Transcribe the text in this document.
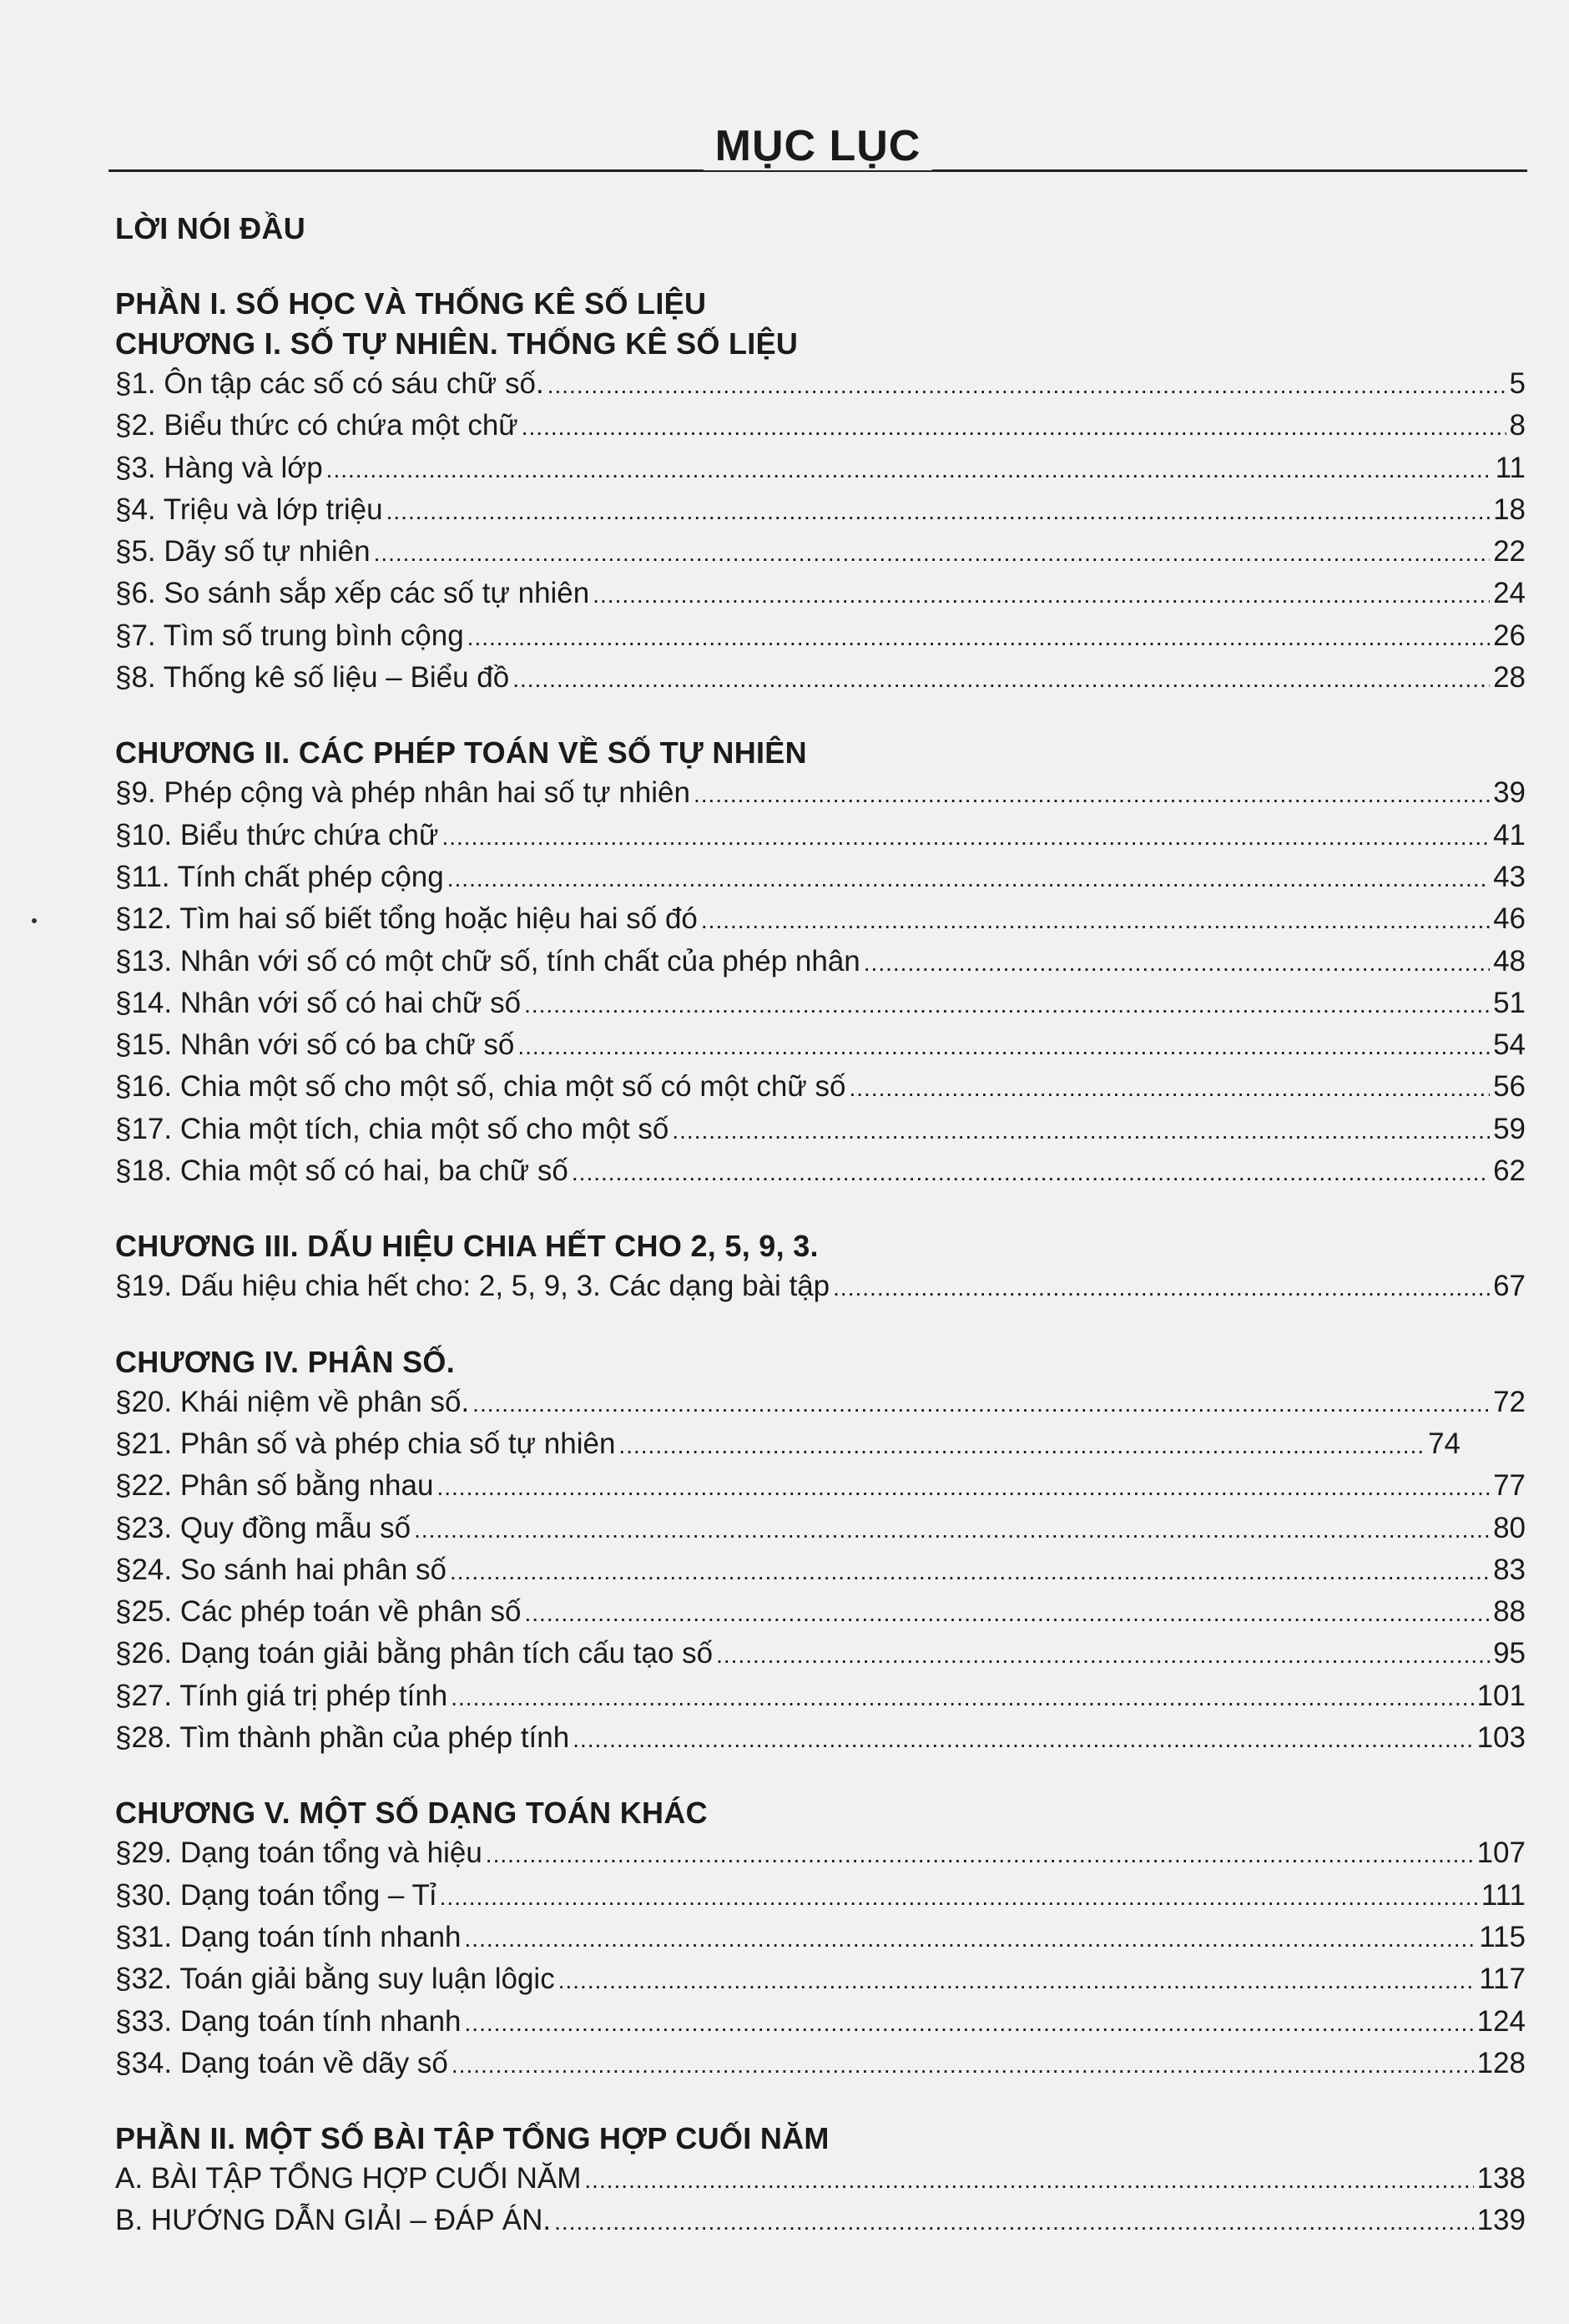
MỤC LỤC
LỜI NÓI ĐẦU
PHẦN I. SỐ HỌC VÀ THỐNG KÊ SỐ LIỆU
CHƯƠNG I. SỐ TỰ NHIÊN. THỐNG KÊ SỐ LIỆU
§1. Ôn tập các số có sáu chữ số. .....	5
§2. Biểu thức có chứa một chữ .....	8
§3. Hàng và lớp .....	11
§4. Triệu và lớp triệu .....	18
§5. Dãy số tự nhiên .....	22
§6. So sánh sắp xếp các số tự nhiên .....	24
§7. Tìm số trung bình cộng .....	26
§8. Thống kê số liệu – Biểu đồ .....	28
CHƯƠNG II. CÁC PHÉP TOÁN VỀ SỐ TỰ NHIÊN
§9. Phép cộng và phép nhân hai số tự nhiên .....	39
§10. Biểu thức chứa chữ .....	41
§11. Tính chất phép cộng .....	43
§12. Tìm hai số biết tổng hoặc hiệu hai số đó .....	46
§13. Nhân với số có một chữ số, tính chất của phép nhân .....	48
§14. Nhân với số có hai chữ số .....	51
§15. Nhân với số có ba chữ số .....	54
§16. Chia một số cho một số, chia một số có một chữ số .....	56
§17. Chia một tích, chia một số cho một số .....	59
§18. Chia một số có hai, ba chữ số .....	62
CHƯƠNG III. DẤU HIỆU CHIA HẾT CHO 2, 5, 9, 3.
§19. Dấu hiệu chia hết cho: 2, 5, 9, 3. Các dạng bài tập .....	67
CHƯƠNG IV. PHÂN SỐ.
§20. Khái niệm về phân số. .....	72
§21. Phân số và phép chia số tự nhiên .....	74
§22. Phân số bằng nhau .....	77
§23. Quy đồng mẫu số .....	80
§24. So sánh hai phân số .....	83
§25. Các phép toán về phân số .....	88
§26. Dạng toán giải bằng phân tích cấu tạo số .....	95
§27. Tính giá trị phép tính .....	101
§28. Tìm thành phần của phép tính .....	103
CHƯƠNG V. MỘT SỐ DẠNG TOÁN KHÁC
§29. Dạng toán tổng và hiệu .....	107
§30. Dạng toán tổng – Tỉ .....	111
§31. Dạng toán tính nhanh .....	115
§32. Toán giải bằng suy luận lôgic .....	117
§33. Dạng toán tính nhanh .....	124
§34. Dạng toán về dãy số .....	128
PHẦN II. MỘT SỐ BÀI TẬP TỔNG HỢP CUỐI NĂM
A. BÀI TẬP TỔNG HỢP CUỐI NĂM .....	138
B. HƯỚNG DẪN GIẢI – ĐÁP ÁN. .....	139
